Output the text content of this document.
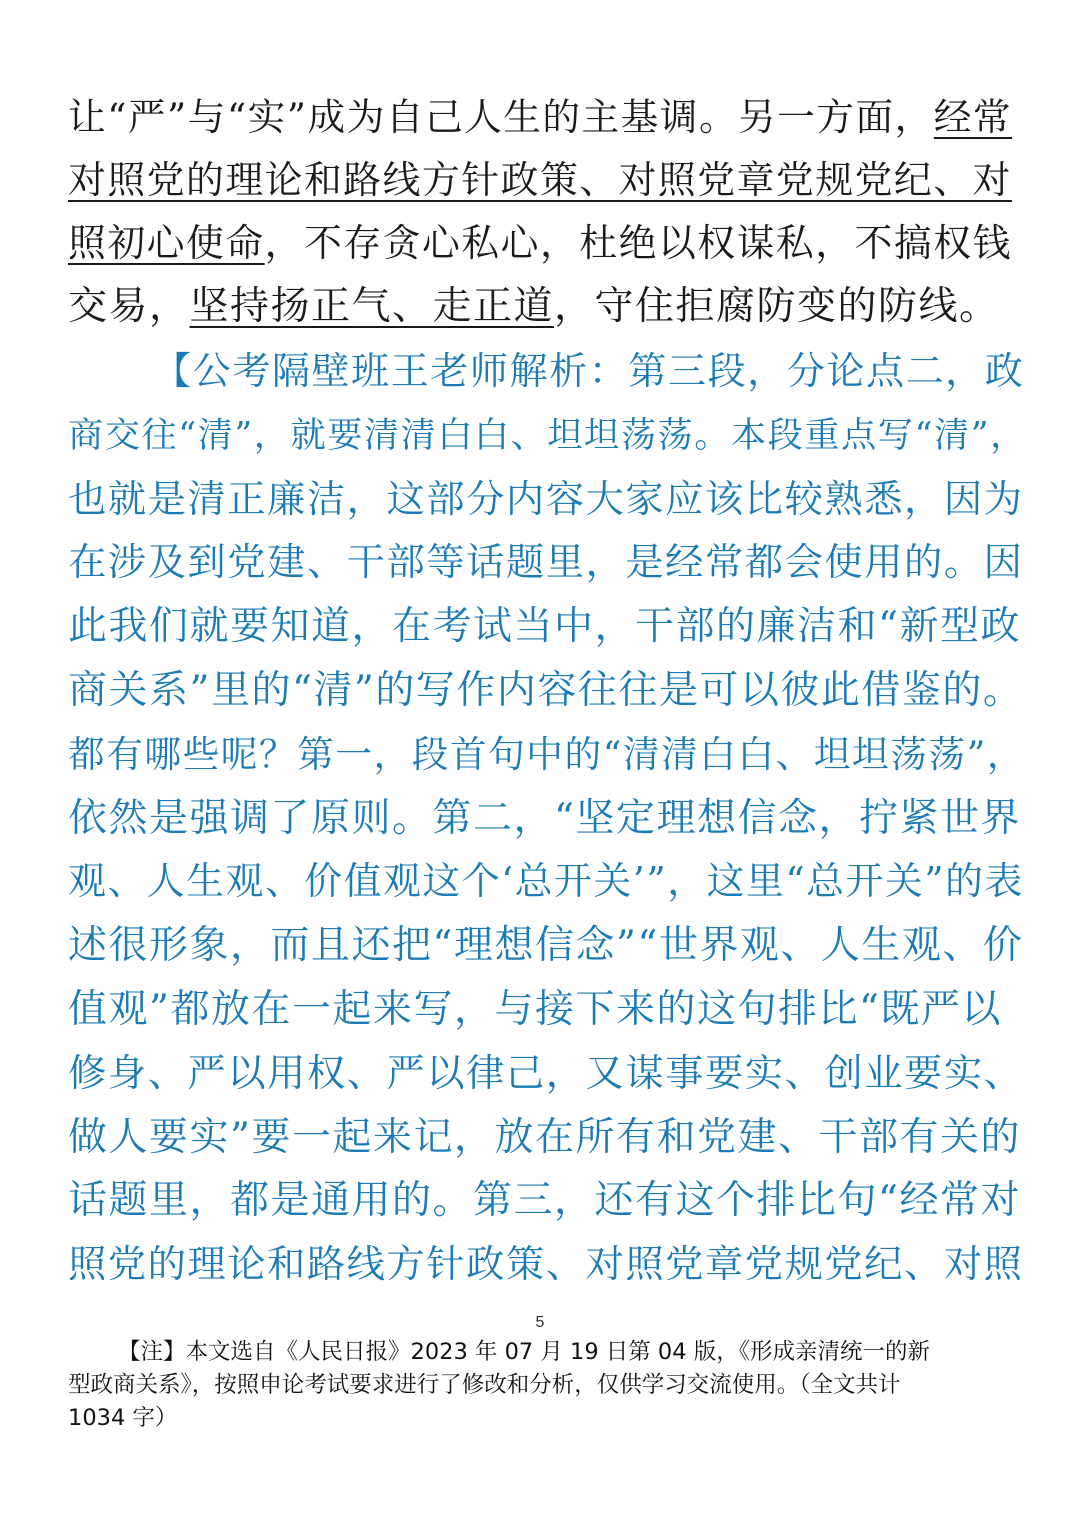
让“严”与“实”成为自己人生的主基调。另一方面，经常
对照党的理论和路线方针政策、对照党章党规党纪、对
照初心使命，不存贪心私心，杜绝以权谋私，不搞权钱
交易，坚持扬正气、走正道，守住拒腐防变的防线。
【公考隔壁班王老师解析：第三段，分论点二，政
商交往“清”，就要清清白白、坦坦荡荡。本段重点写“清”，
也就是清正廉洁，这部分内容大家应该比较熟悉，因为
在涉及到党建、干部等话题里，是经常都会使用的。因
此我们就要知道，在考试当中，干部的廉洁和“新型政
商关系”里的“清”的写作内容往往是可以彼此借鉴的。
都有哪些呢？第一，段首句中的“清清白白、坦坦荡荡”，
依然是强调了原则。第二，“坚定理想信念，拧紧世界
观、人生观、价值观这个‘总开关’”，这里“总开关”的表
述很形象，而且还把“理想信念”“世界观、人生观、价
值观”都放在一起来写，与接下来的这句排比“既严以
修身、严以用权、严以律己，又谋事要实、创业要实、
做人要实”要一起来记，放在所有和党建、干部有关的
话题里，都是通用的。第三，还有这个排比句“经常对
照党的理论和路线方针政策、对照党章党规党纪、对照
5
【注】本文选自《人民日报》2023 年 07 月 19 日第 04 版，《形成亲清统一的新
型政商关系》，按照申论考试要求进行了修改和分析，仅供学习交流使用。（全文共计
1034 字）
